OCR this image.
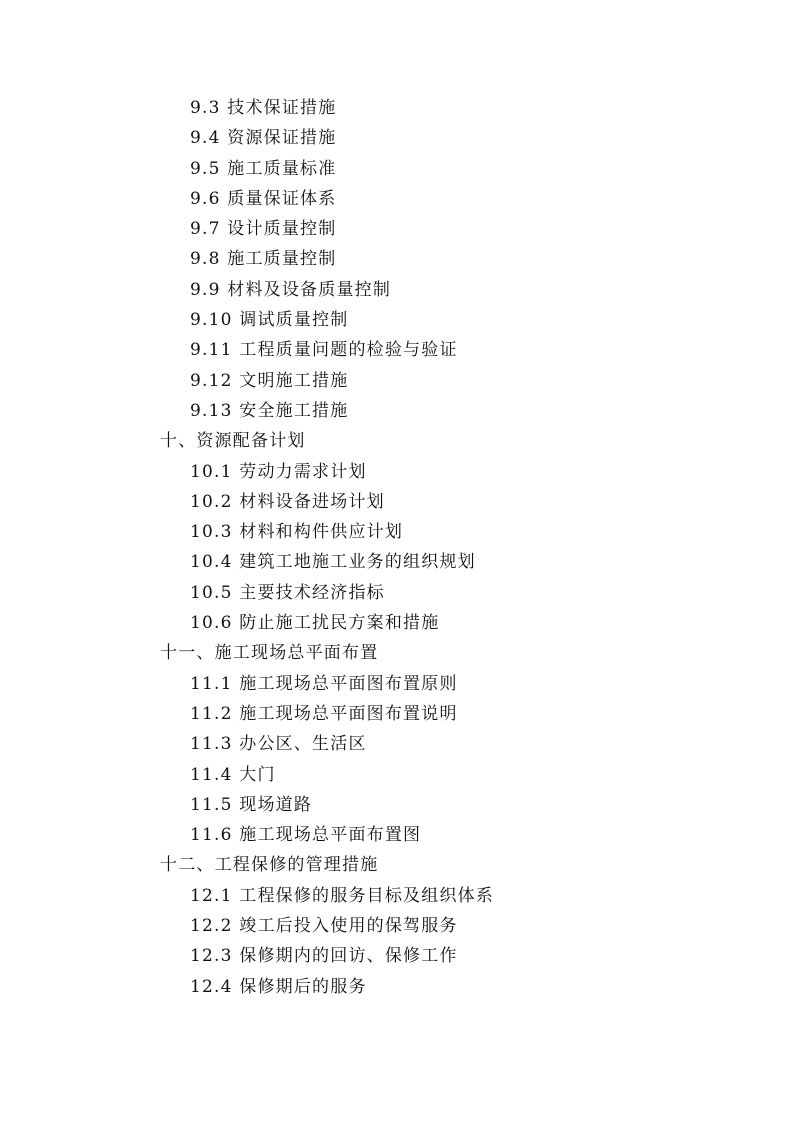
9.3 技术保证措施
9.4 资源保证措施
9.5 施工质量标准
9.6 质量保证体系
9.7 设计质量控制
9.8 施工质量控制
9.9 材料及设备质量控制
9.10 调试质量控制
9.11 工程质量问题的检验与验证
9.12 文明施工措施
9.13 安全施工措施
十、资源配备计划
10.1 劳动力需求计划
10.2 材料设备进场计划
10.3 材料和构件供应计划
10.4 建筑工地施工业务的组织规划
10.5 主要技术经济指标
10.6 防止施工扰民方案和措施
十一、施工现场总平面布置
11.1 施工现场总平面图布置原则
11.2 施工现场总平面图布置说明
11.3 办公区、生活区
11.4 大门
11.5 现场道路
11.6 施工现场总平面布置图
十二、工程保修的管理措施
12.1 工程保修的服务目标及组织体系
12.2 竣工后投入使用的保驾服务
12.3 保修期内的回访、保修工作
12.4 保修期后的服务
